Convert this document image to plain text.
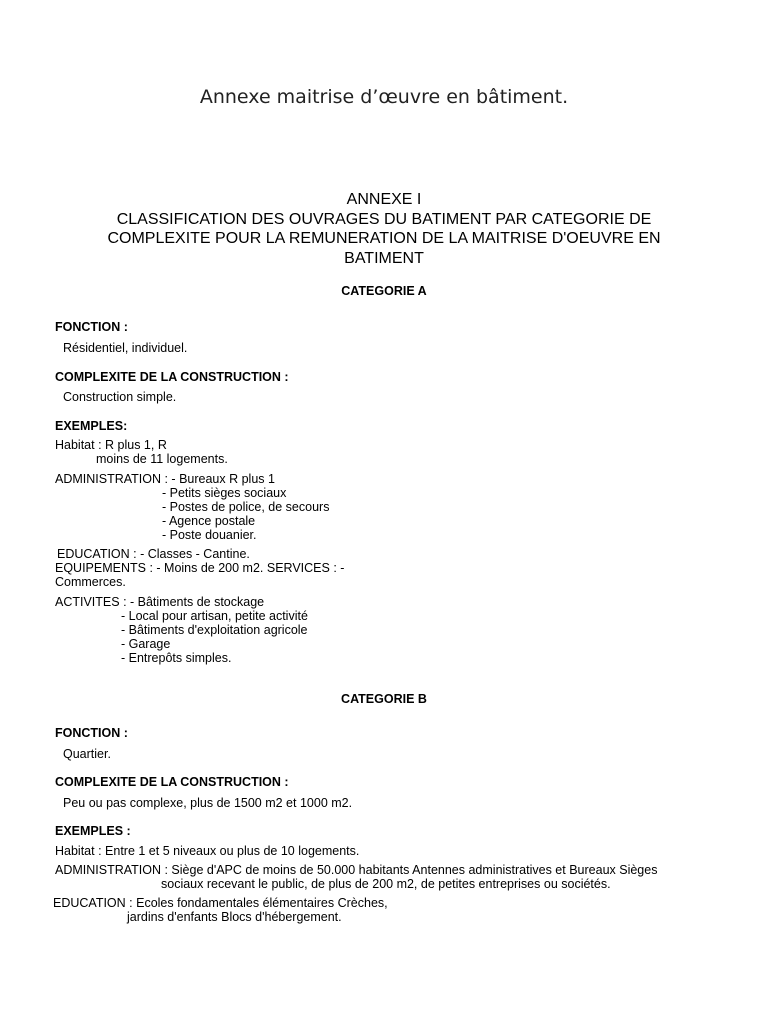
Annexe maitrise d’œuvre en bâtiment.
ANNEXE I
CLASSIFICATION DES OUVRAGES DU BATIMENT PAR CATEGORIE DE
COMPLEXITE POUR LA REMUNERATION DE LA MAITRISE D'OEUVRE EN
BATIMENT
CATEGORIE A
FONCTION :
Résidentiel, individuel.
COMPLEXITE DE LA CONSTRUCTION :
Construction simple.
EXEMPLES:
Habitat : R plus 1, R
moins de 11 logements.
ADMINISTRATION : - Bureaux R plus 1
- Petits sièges sociaux
- Postes de police, de secours
- Agence postale
- Poste douanier.
EDUCATION : - Classes - Cantine.
EQUIPEMENTS : - Moins de 200 m2. SERVICES : -
Commerces.
ACTIVITES : - Bâtiments de stockage
- Local pour artisan, petite activité
- Bâtiments d'exploitation agricole
- Garage
- Entrepôts simples.
CATEGORIE B
FONCTION :
Quartier.
COMPLEXITE DE LA CONSTRUCTION :
Peu ou pas complexe, plus de 1500 m2 et 1000 m2.
EXEMPLES :
Habitat : Entre 1 et 5 niveaux ou plus de 10 logements.
ADMINISTRATION : Siège d'APC de moins de 50.000 habitants Antennes administratives et Bureaux Sièges
sociaux recevant le public, de plus de 200 m2, de petites entreprises ou sociétés.
EDUCATION : Ecoles fondamentales élémentaires Crèches,
jardins d'enfants Blocs d'hébergement.
